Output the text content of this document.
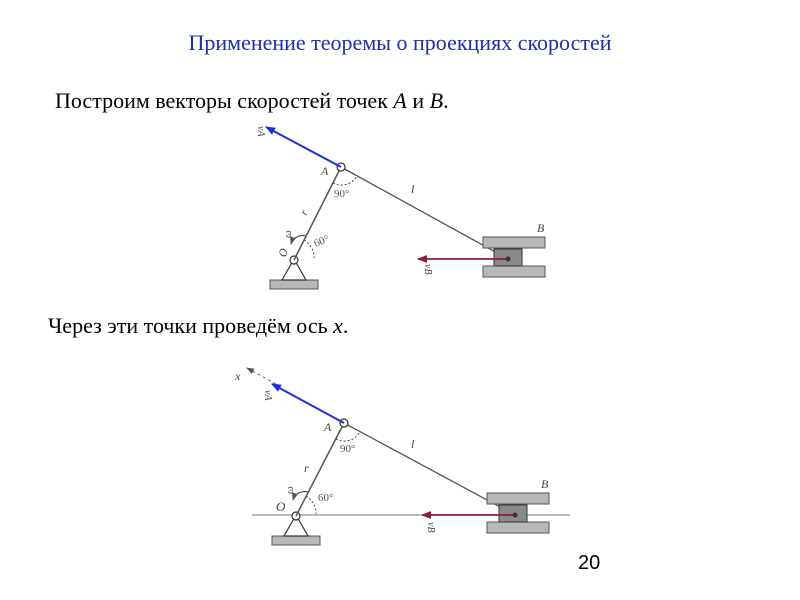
Применение теоремы о проекциях скоростей
Построим векторы скоростей точек A и B.
Через эти точки проведём ось x.
A
B
l
r
O
ω
90°
60°
vA
vB
x
A
B
l
r
O
ω
90°
60°
vA
vB
20
